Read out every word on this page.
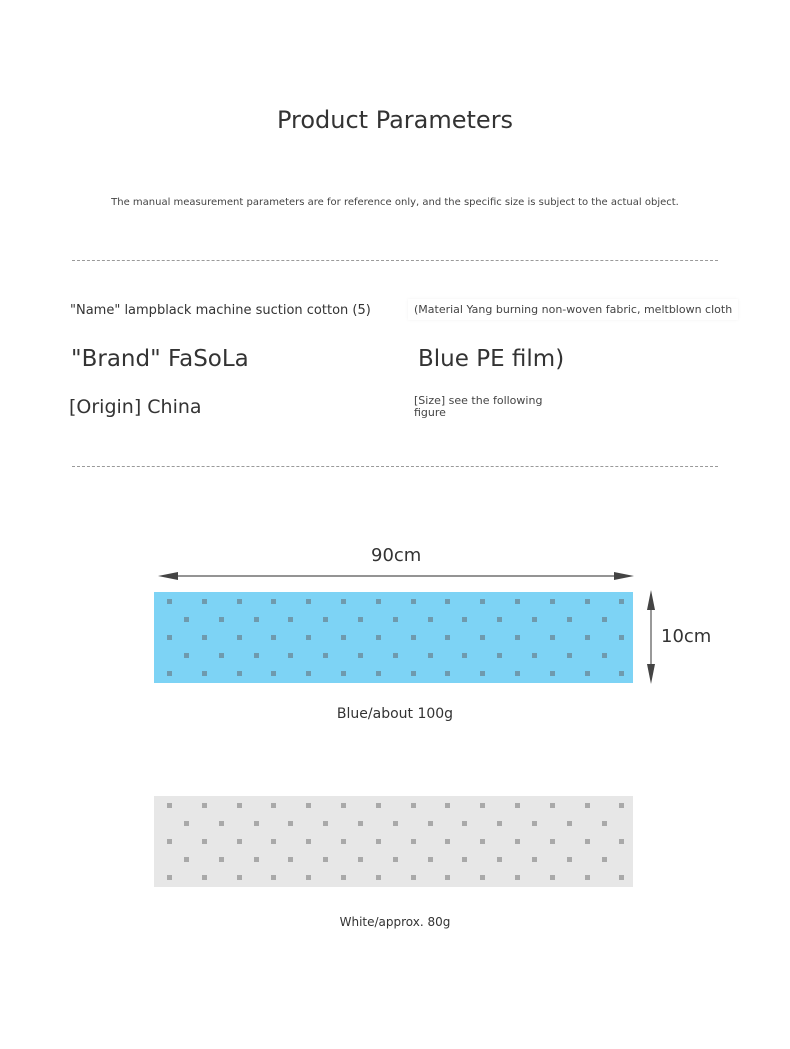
Product Parameters
The manual measurement parameters are for reference only, and the specific size is subject to the actual object.
"Name" lampblack machine suction cotton (5)	(Material Yang burning non-woven fabric, meltblown cloth
"Brand" FaSoLa	Blue PE film)
[Origin] China	[Size] see the following figure
90cm
10cm
Blue/about 100g
White/approx. 80g
